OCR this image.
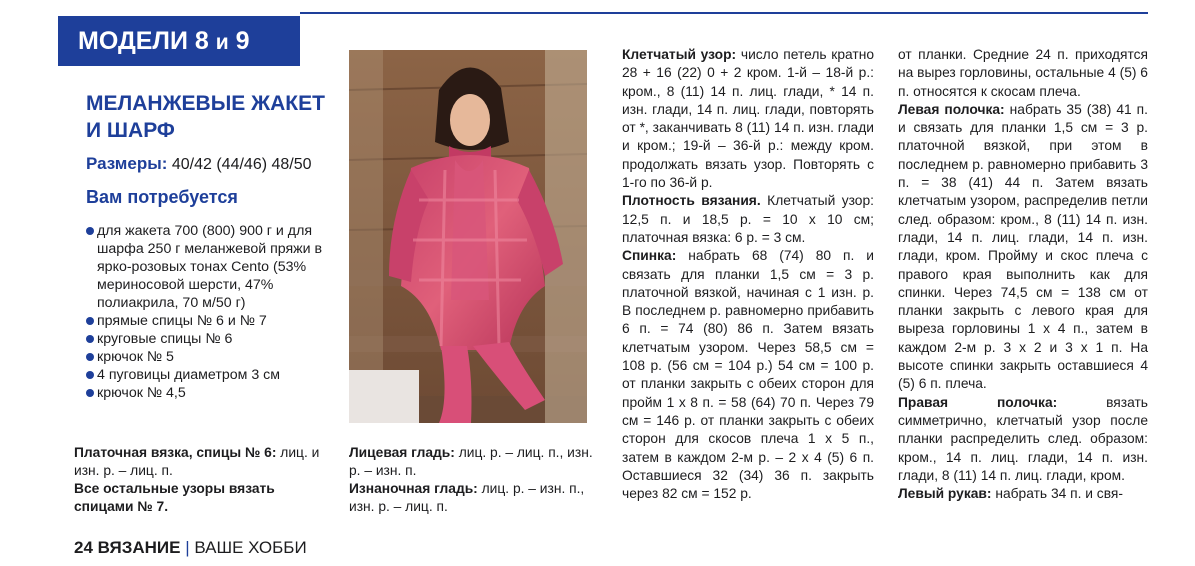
МОДЕЛИ 8 и 9
МЕЛАНЖЕВЫЕ ЖАКЕТ И ШАРФ
Размеры: 40/42 (44/46) 48/50
Вам потребуется
для жакета 700 (800) 900 г и для шарфа 250 г меланжевой пряжи в ярко-розовых тонах Cento (53% мериносовой шерсти, 47% полиакрила, 70 м/50 г)
прямые спицы № 6 и № 7
круговые спицы № 6
крючок № 5
4 пуговицы диаметром 3 см
крючок № 4,5

Платочная вязка, спицы № 6: лиц. и изн. р. – лиц. п.

Все остальные узоры вязать спицами № 7.

Лицевая гладь: лиц. р. – лиц. п., изн. р. – изн. п.

Изнаночная гладь: лиц. р. – изн. п., изн. р. – лиц. п.

Клетчатый узор: число петель кратно 28 + 16 (22) 0 + 2 кром. 1-й – 18-й р.: кром., 8 (11) 14 п. лиц. глади, * 14 п. изн. глади, 14 п. лиц. глади, повторять от *, заканчивать 8 (11) 14 п. изн. глади и кром.; 19-й – 36-й р.: между кром. продолжать вязать узор. Повторять с 1-го по 36-й р.

Плотность вязания. Клетчатый узор: 12,5 п. и 18,5 р. = 10 х 10 см; платочная вязка: 6 р. = 3 см.

Спинка: набрать 68 (74) 80 п. и связать для планки 1,5 см = 3 р. платочной вязкой, начиная с 1 изн. р. В последнем р. равномерно прибавить 6 п. = 74 (80) 86 п. Затем вязать клетчатым узором. Через 58,5 см = 108 р. (56 см = 104 р.) 54 см = 100 р. от планки закрыть с обеих сторон для пройм 1 х 8 п. = 58 (64) 70 п. Через 79 см = 146 р. от планки закрыть с обеих сторон для скосов плеча 1 х 5 п., затем в каждом 2-м р. – 2 х 4 (5) 6 п. Оставшиеся 32 (34) 36 п. закрыть через 82 см = 152 р.

от планки. Средние 24 п. приходятся на вырез горловины, остальные 4 (5) 6 п. относятся к скосам плеча.

Левая полочка: набрать 35 (38) 41 п. и связать для планки 1,5 см = 3 р. платочной вязкой, при этом в последнем р. равномерно прибавить 3 п. = 38 (41) 44 п. Затем вязать клетчатым узором, распределив петли след. образом: кром., 8 (11) 14 п. изн. глади, 14 п. лиц. глади, 14 п. изн. глади, кром. Пройму и скос плеча с правого края выполнить как для спинки. Через 74,5 см = 138 см от планки закрыть с левого края для выреза горловины 1 х 4 п., затем в каждом 2-м р. 3 х 2 и 3 х 1 п. На высоте спинки закрыть оставшиеся 4 (5) 6 п. плеча.

Правая полочка:	вязать симметрично, клетчатый узор после планки распределить след. образом: кром., 14 п. лиц. глади, 14 п. изн. глади, 8 (11) 14 п. лиц. глади, кром.

Левый рукав: набрать 34 п. и свя-

24 ВЯЗАНИЕ | ВАШЕ ХОББИ
